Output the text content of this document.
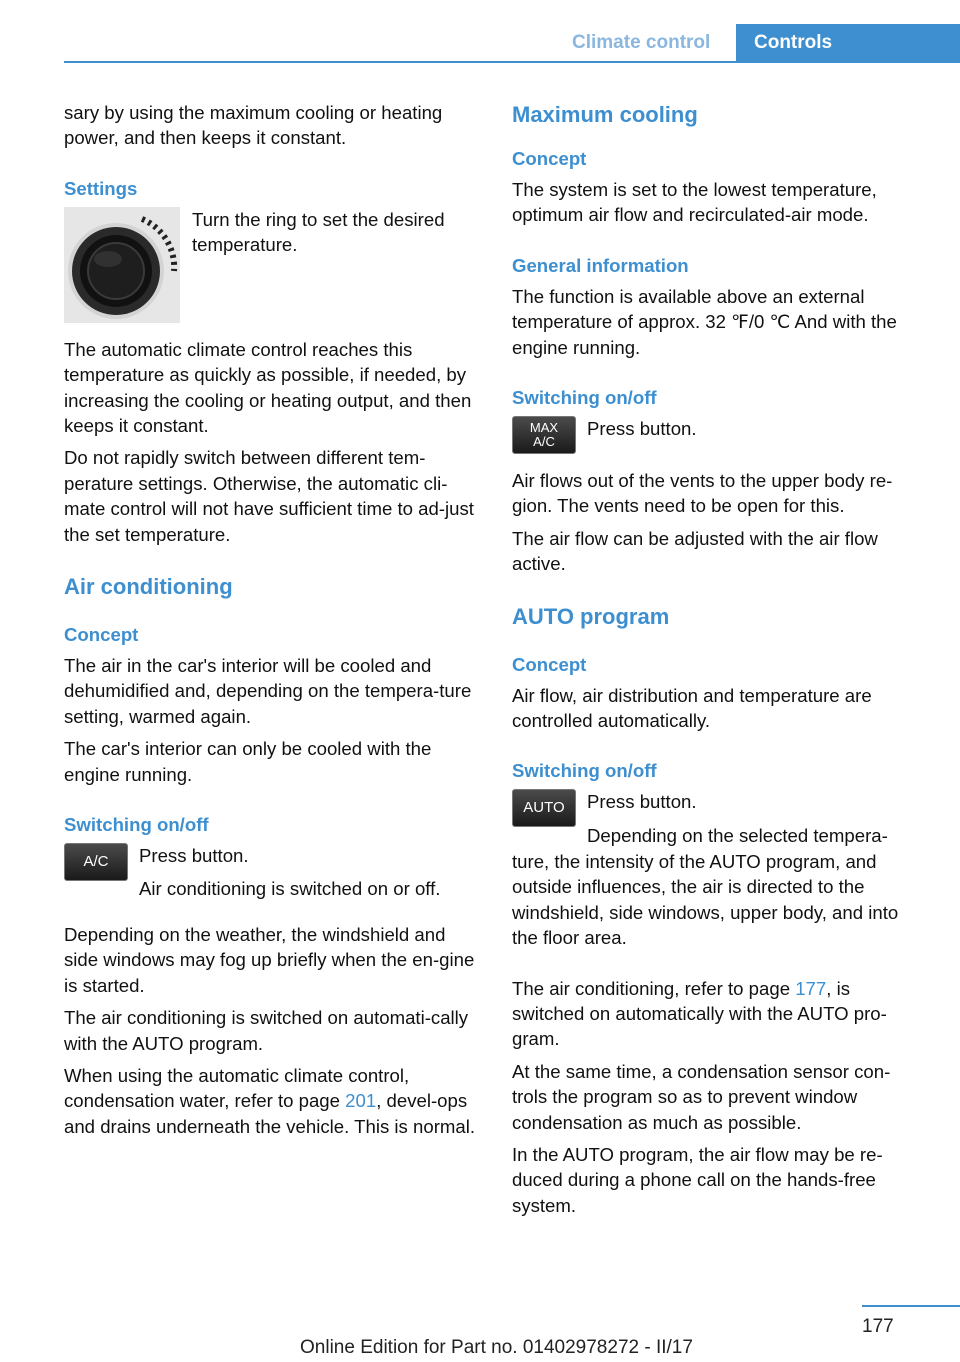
Climate control	Controls

sary by using the maximum cooling or heating power, and then keeps it constant.

Settings

Turn the ring to set the desired temperature.

The automatic climate control reaches this temperature as quickly as possible, if needed, by increasing the cooling or heating output, and then keeps it constant.

Do not rapidly switch between different tem‐perature settings. Otherwise, the automatic cli‐mate control will not have sufficient time to ad‐just the set temperature.

Air conditioning
Concept

The air in the car's interior will be cooled and dehumidified and, depending on the tempera‐ture setting, warmed again.

The car's interior can only be cooled with the engine running.

Switching on/off
A/C	Press button.

Air conditioning is switched on or off.

Depending on the weather, the windshield and side windows may fog up briefly when the en‐gine is started.

The air conditioning is switched on automati‐cally with the AUTO program.

When using the automatic climate control, condensation water, refer to page 201, devel‐ops and drains underneath the vehicle. This is normal.

Maximum cooling
Concept

The system is set to the lowest temperature, optimum air flow and recirculated-air mode.

General information

The function is available above an external temperature of approx. 32 ℉/0 ℃ And with the engine running.

Switching on/off
MAX
A/C

Press button.

Air flows out of the vents to the upper body re‐gion. The vents need to be open for this.

The air flow can be adjusted with the air flow active.

AUTO program
Concept

Air flow, air distribution and temperature are controlled automatically.

Switching on/off
AUTO	Press button.

Depending on the selected tempera‐ture, the intensity of the AUTO program, and outside influences, the air is directed to the windshield, side windows, upper body, and into the floor area.

The air conditioning, refer to page 177, is switched on automatically with the AUTO pro‐gram.

At the same time, a condensation sensor con‐trols the program so as to prevent window condensation as much as possible.

In the AUTO program, the air flow may be re‐duced during a phone call on the hands-free system.

177
Online Edition for Part no. 01402978272 - II/17
